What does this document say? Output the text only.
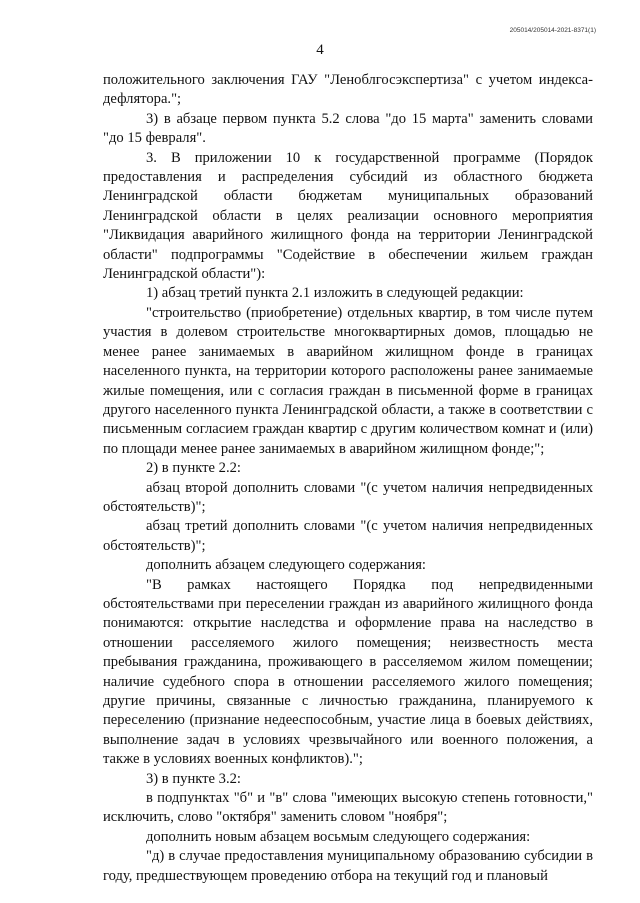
205014/205014-2021-8371(1)
4

положительного заключения ГАУ "Леноблгосэкспертиза" с учетом индекса-дефлятора.";

3) в абзаце первом пункта 5.2 слова "до 15 марта" заменить словами "до 15 февраля".

3. В приложении 10 к государственной программе (Порядок предоставления и распределения субсидий из областного бюджета Ленинградской области бюджетам муниципальных образований Ленинградской области в целях реализации основного мероприятия "Ликвидация аварийного жилищного фонда на территории Ленинградской области" подпрограммы "Содействие в обеспечении жильем граждан Ленинградской области"):

1) абзац третий пункта 2.1 изложить в следующей редакции:

"строительство (приобретение) отдельных квартир, в том числе путем участия в долевом строительстве многоквартирных домов, площадью не менее ранее занимаемых в аварийном жилищном фонде в границах населенного пункта, на территории которого расположены ранее занимаемые жилые помещения, или с согласия граждан в письменной форме в границах другого населенного пункта Ленинградской области, а также в соответствии с письменным согласием граждан квартир с другим количеством комнат и (или) по площади менее ранее занимаемых в аварийном жилищном фонде;";

2) в пункте 2.2:

абзац второй дополнить словами "(с учетом наличия непредвиденных обстоятельств)";

абзац третий дополнить словами "(с учетом наличия непредвиденных обстоятельств)";

дополнить абзацем следующего содержания:

"В рамках настоящего Порядка под непредвиденными обстоятельствами при переселении граждан из аварийного жилищного фонда понимаются: открытие наследства и оформление права на наследство в отношении расселяемого жилого помещения; неизвестность места пребывания гражданина, проживающего в расселяемом жилом помещении; наличие судебного спора в отношении расселяемого жилого помещения; другие причины, связанные с личностью гражданина, планируемого к переселению (признание недееспособным, участие лица в боевых действиях, выполнение задач в условиях чрезвычайного или военного положения, а также в условиях военных конфликтов).";

3) в пункте 3.2:

в подпунктах "б" и "в" слова "имеющих высокую степень готовности," исключить, слово "октября" заменить словом "ноября";

дополнить новым абзацем восьмым следующего содержания:

"д) в случае предоставления муниципальному образованию субсидии в году, предшествующем проведению отбора на текущий год и плановый
